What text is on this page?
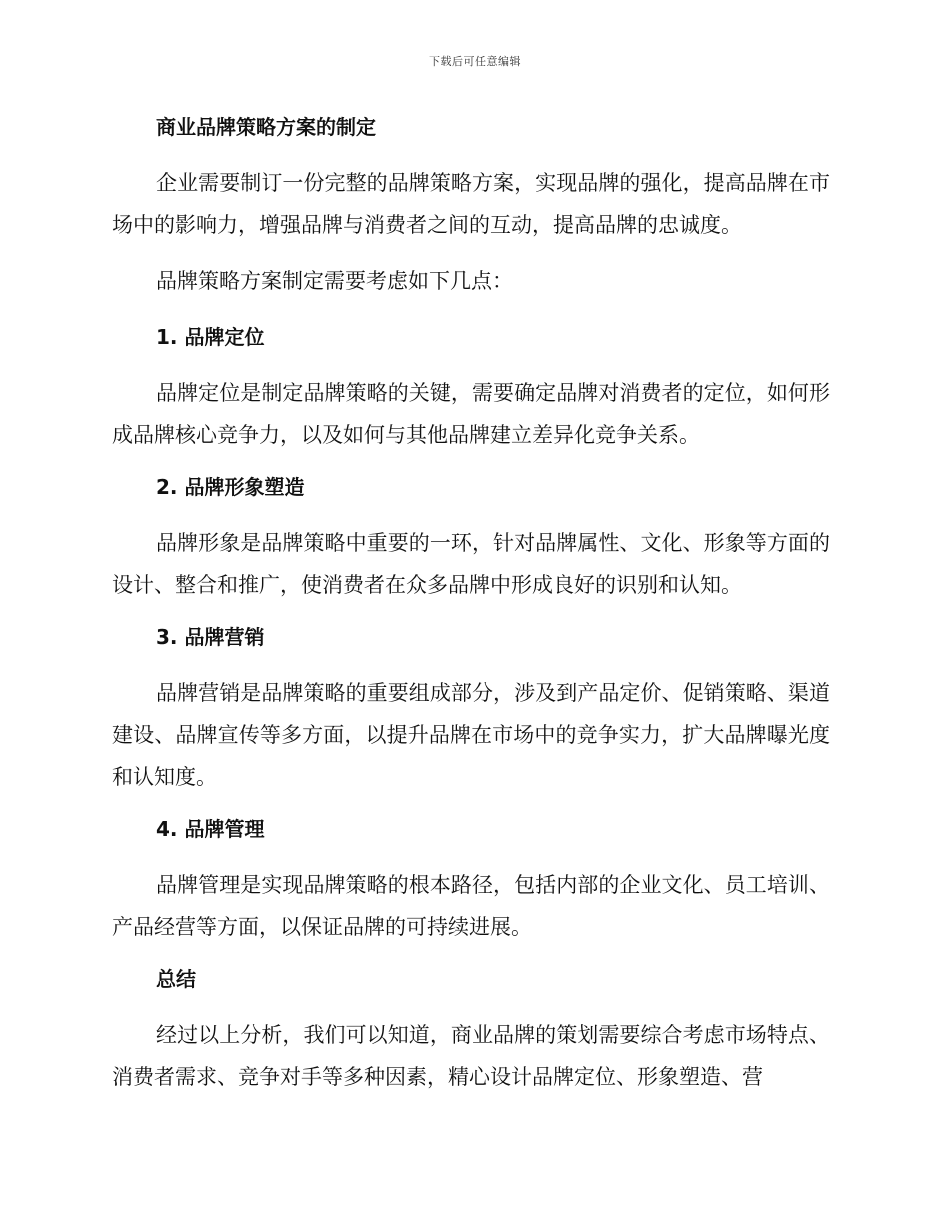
下载后可任意编辑
商业品牌策略方案的制定

企业需要制订一份完整的品牌策略方案，实现品牌的强化，提高品牌在市场中的影响力，增强品牌与消费者之间的互动，提高品牌的忠诚度。

品牌策略方案制定需要考虑如下几点：

1. 品牌定位

品牌定位是制定品牌策略的关键，需要确定品牌对消费者的定位，如何形成品牌核心竞争力，以及如何与其他品牌建立差异化竞争关系。

2. 品牌形象塑造

品牌形象是品牌策略中重要的一环，针对品牌属性、文化、形象等方面的设计、整合和推广，使消费者在众多品牌中形成良好的识别和认知。

3. 品牌营销

品牌营销是品牌策略的重要组成部分，涉及到产品定价、促销策略、渠道建设、品牌宣传等多方面，以提升品牌在市场中的竞争实力，扩大品牌曝光度和认知度。

4. 品牌管理

品牌管理是实现品牌策略的根本路径，包括内部的企业文化、员工培训、产品经营等方面，以保证品牌的可持续进展。

总结

经过以上分析，我们可以知道，商业品牌的策划需要综合考虑市场特点、消费者需求、竞争对手等多种因素，精心设计品牌定位、形象塑造、营
